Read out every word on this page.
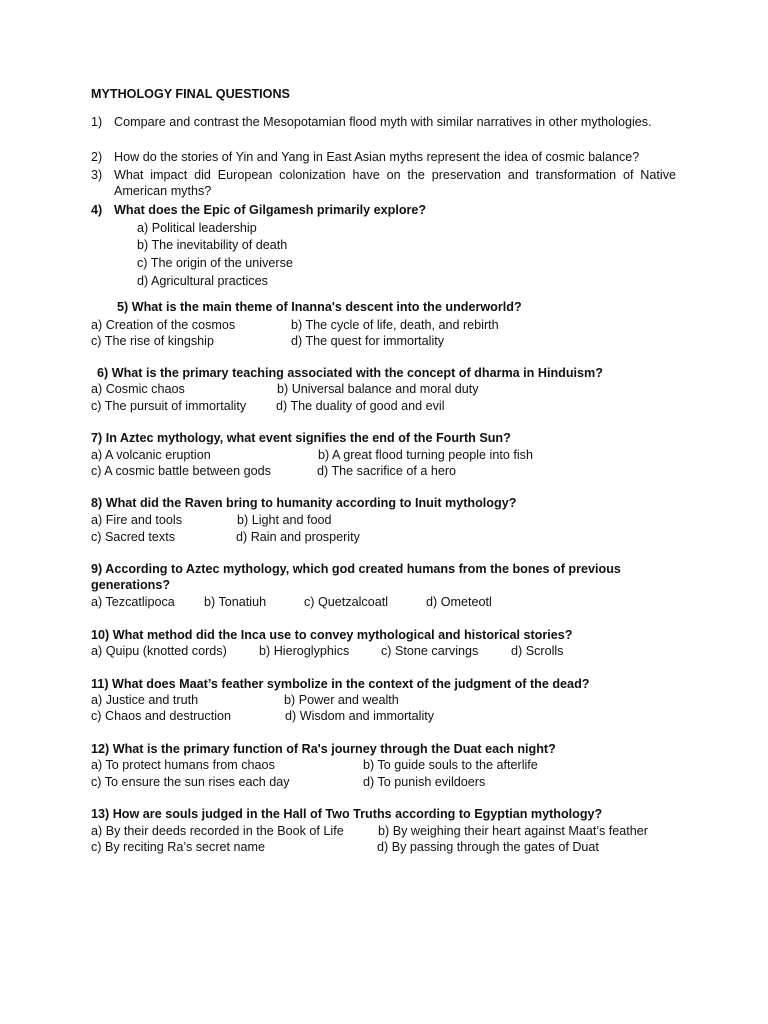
MYTHOLOGY FINAL QUESTIONS
1) Compare and contrast the Mesopotamian flood myth with similar narratives in other mythologies.
2) How do the stories of Yin and Yang in East Asian myths represent the idea of cosmic balance?
3) What impact did European colonization have on the preservation and transformation of Native American myths?
4) What does the Epic of Gilgamesh primarily explore?
a) Political leadership
b) The inevitability of death
c) The origin of the universe
d) Agricultural practices
5) What is the main theme of Inanna's descent into the underworld?
a) Creation of the cosmos	b) The cycle of life, death, and rebirth
c) The rise of kingship	d) The quest for immortality
6) What is the primary teaching associated with the concept of dharma in Hinduism?
a) Cosmic chaos	b) Universal balance and moral duty
c) The pursuit of immortality d) The duality of good and evil
7) In Aztec mythology, what event signifies the end of the Fourth Sun?
a) A volcanic eruption	b) A great flood turning people into fish
c) A cosmic battle between gods	d) The sacrifice of a hero
8) What did the Raven bring to humanity according to Inuit mythology?
a) Fire and tools	b) Light and food
c) Sacred texts	d) Rain and prosperity
9) According to Aztec mythology, which god created humans from the bones of previous generations?
a) Tezcatlipoca b) Tonatiuh	c) Quetzalcoatl	d) Ometeotl
10) What method did the Inca use to convey mythological and historical stories?
a) Quipu (knotted cords)	b) Hieroglyphics	c) Stone carvings	d) Scrolls
11) What does Maat’s feather symbolize in the context of the judgment of the dead?
a) Justice and truth	b) Power and wealth
c) Chaos and destruction	d) Wisdom and immortality
12) What is the primary function of Ra's journey through the Duat each night?
a) To protect humans from chaos	b) To guide souls to the afterlife
c) To ensure the sun rises each day	d) To punish evildoers
13) How are souls judged in the Hall of Two Truths according to Egyptian mythology?
a) By their deeds recorded in the Book of Life	b) By weighing their heart against Maat’s feather
c) By reciting Ra’s secret name	d) By passing through the gates of Duat
